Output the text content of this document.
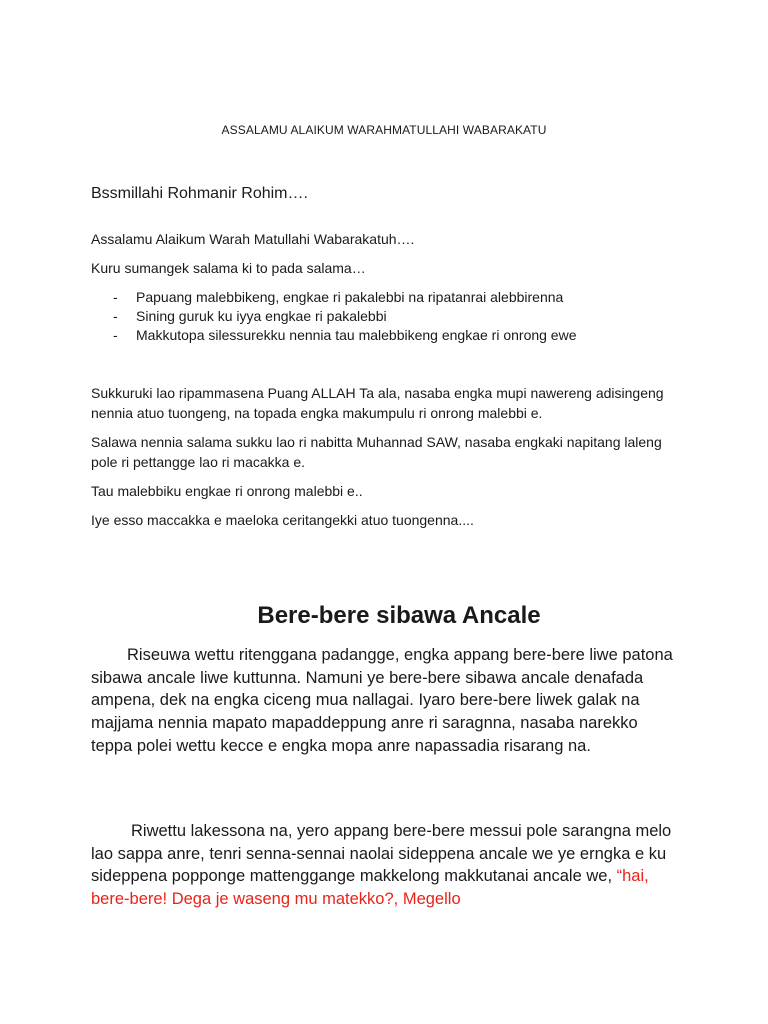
ASSALAMU ALAIKUM WARAHMATULLAHI WABARAKATU
Bssmillahi Rohmanir Rohim….
Assalamu Alaikum Warah Matullahi Wabarakatuh….
Kuru sumangek salama ki to pada salama…
-	Papuang malebbikeng, engkae ri pakalebbi na ripatanrai alebbirenna
-	Sining guruk ku iyya engkae ri pakalebbi
-	Makkutopa silessurekku nennia tau malebbikeng engkae ri onrong ewe
Sukkuruki lao ripammasena Puang ALLAH Ta ala, nasaba engka mupi nawereng adisingeng nennia atuo tuongeng, na topada engka makumpulu ri onrong malebbi e.
Salawa nennia salama sukku lao ri nabitta Muhannad SAW, nasaba engkaki napitang laleng pole ri pettangge lao ri macakka e.
Tau malebbiku engkae ri onrong malebbi e..
Iye esso maccakka e maeloka ceritangekki atuo tuongenna....
Bere-bere sibawa Ancale
Riseuwa wettu ritenggana padangge, engka appang bere-bere liwe patona sibawa ancale liwe kuttunna. Namuni ye bere-bere sibawa ancale denafada ampena, dek na engka ciceng mua nallagai. Iyaro bere-bere liwek galak na majjama nennia mapato mapaddeppung anre ri saragnna, nasaba narekko teppa polei wettu kecce e engka mopa anre napassadia risarang na.
Riwettu lakessona na, yero appang bere-bere messui pole sarangna melo lao sappa anre, tenri senna-sennai naolai sideppena ancale we ye erngka e ku sideppena popponge mattenggange makkelong makkutanai ancale we, “hai, bere-bere! Dega je waseng mu matekko?, Megello
